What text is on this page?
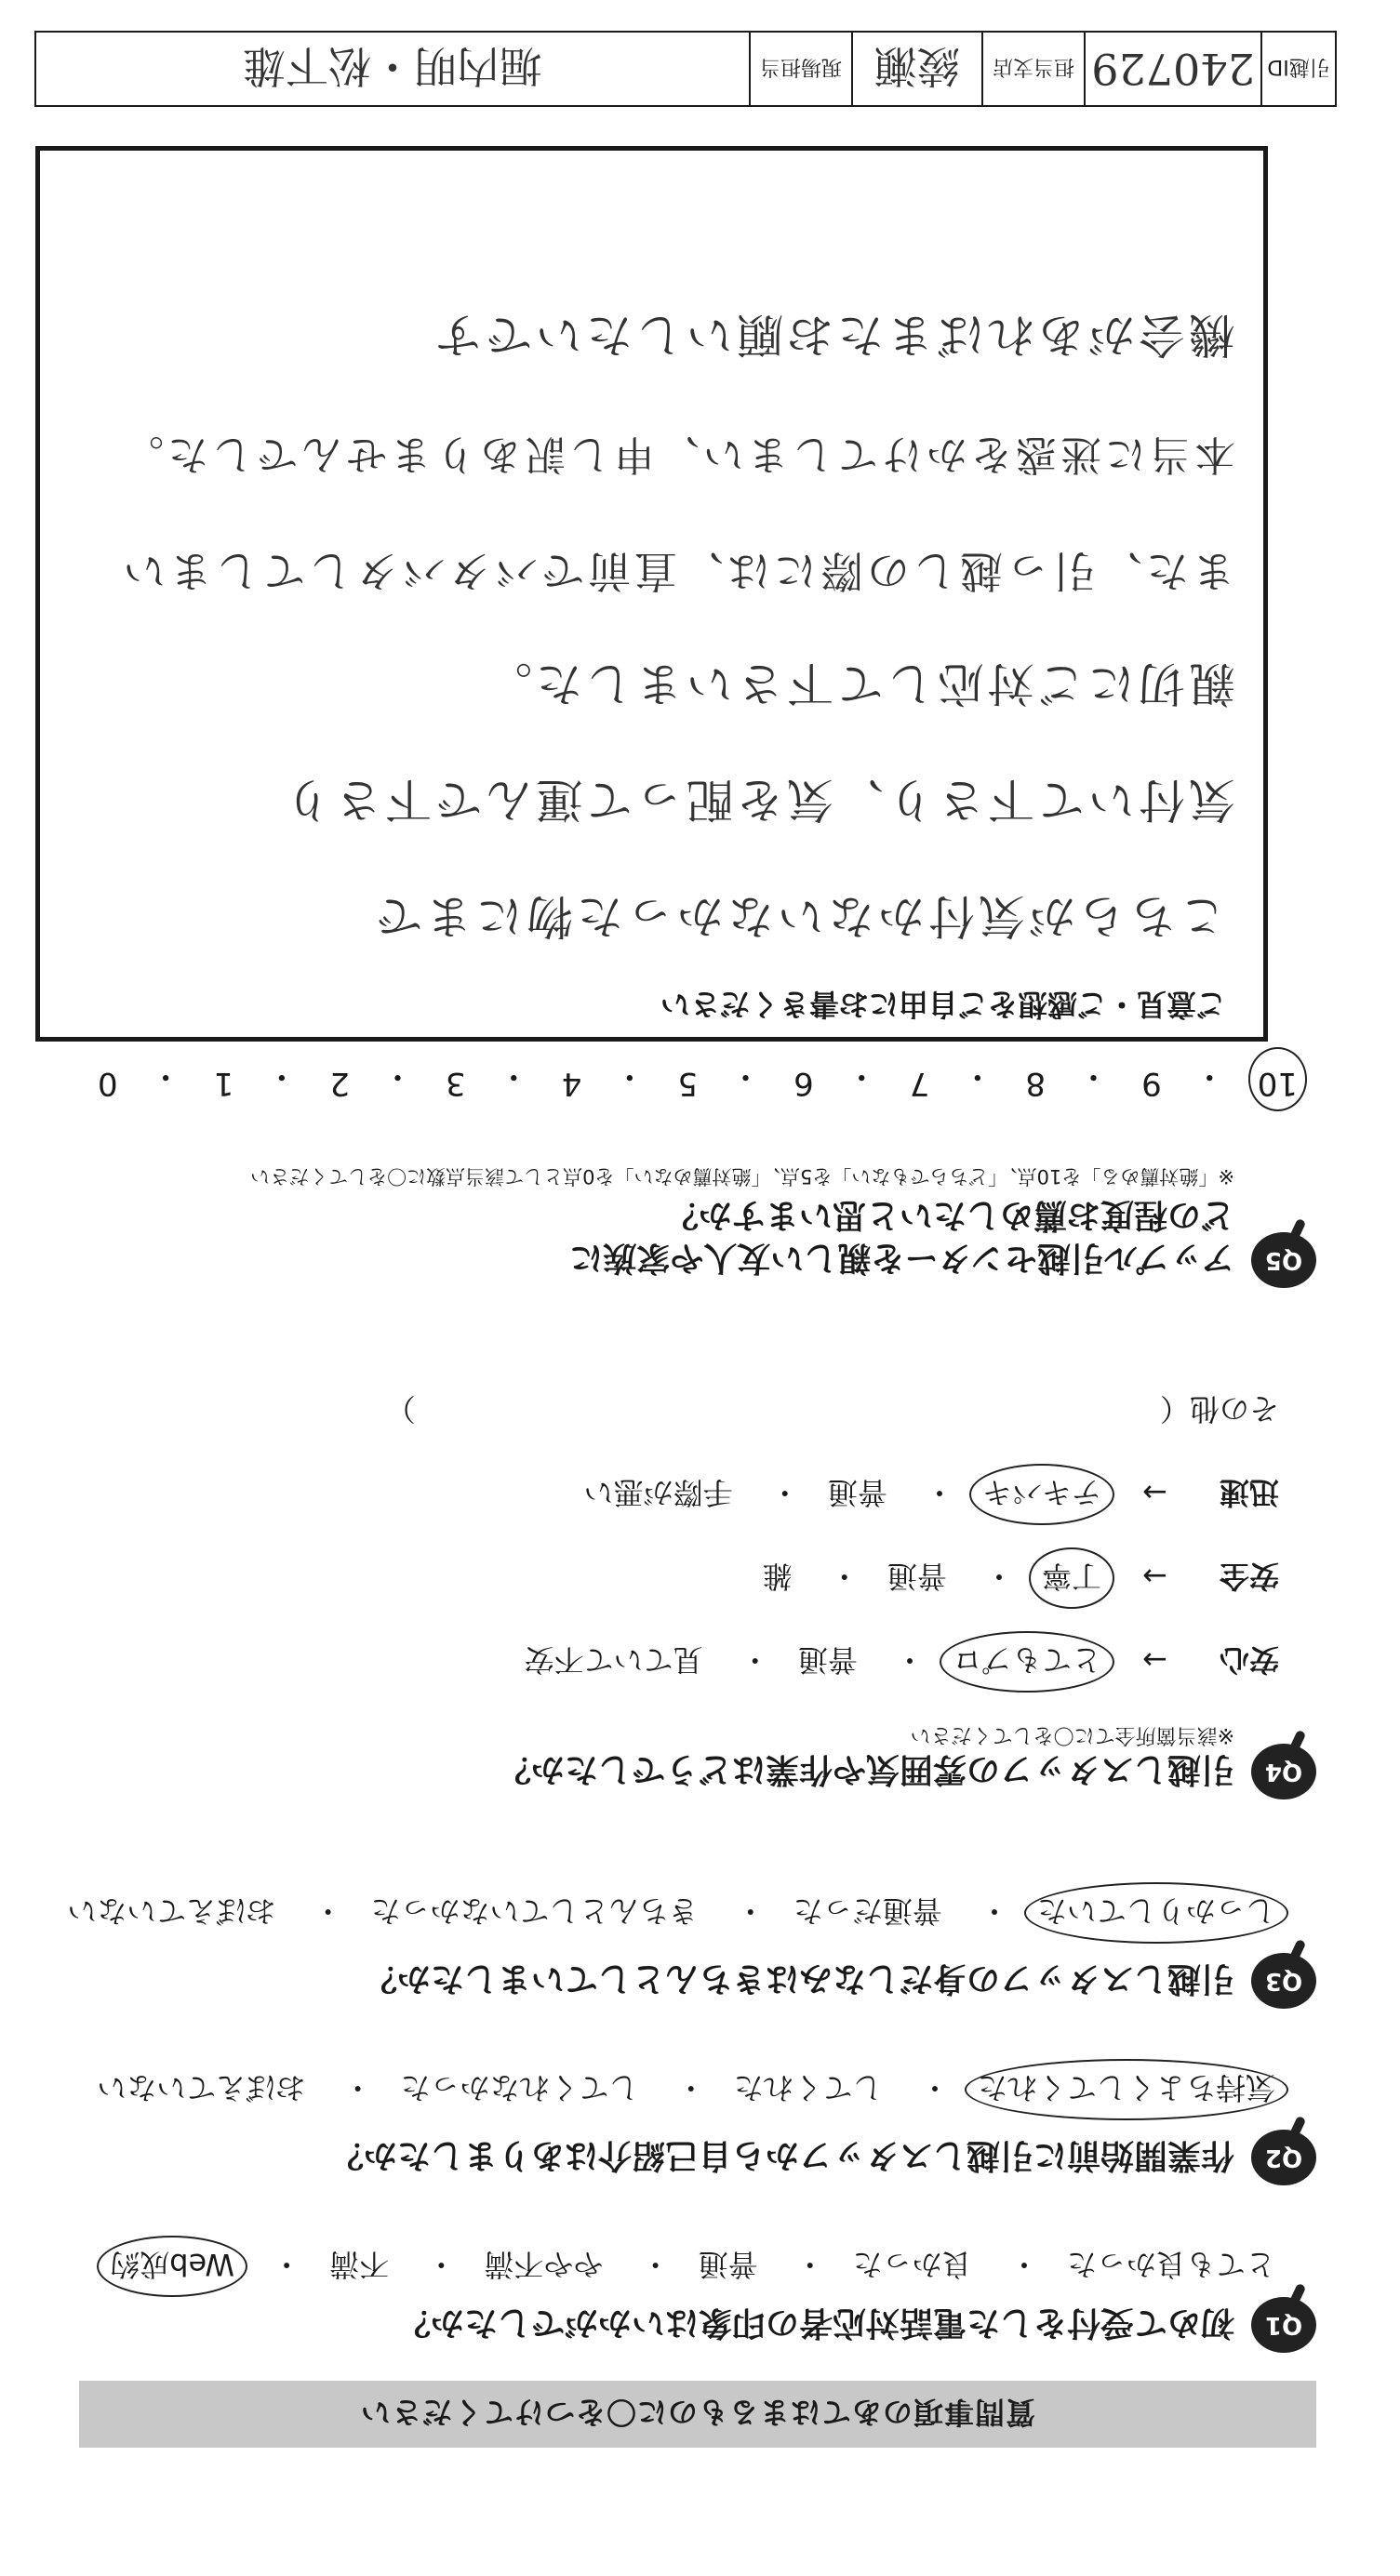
質問事項のあてはまるものに〇をつけてください
Q1
初めて受付をした電話対応者の印象はいかがでしたか？
とても良かった・ 良かった・ 普通・ やや不満・ 不満・ Web成約
Q2
作業開始前に引越しスタッフから自己紹介はありましたか？
気持ちよくしてくれた・ してくれた・ してくれなかった・ おぼえていない
Q3
引越しスタッフの身だしなみはきちんとしていましたか？
しっかりしていた・ 普通だった・ きちんとしていなかった・ おぼえていない
Q4
引越しスタッフの雰囲気や作業はどうでしたか？
※該当箇所全てに〇をしてください
安心→ とてもプロ・ 普通・ 見ていて不安
安全→ 丁寧・ 普通・ 雑
迅速→ テキパキ・ 普通・ 手際が悪い
その他（  ）
Q5
アップル引越センターを親しい友人や家族に
どの程度お薦めしたいと思いますか？
※「絶対薦める」を10点、「どちらでもない」を5点、「絶対薦めない」を0点として該当点数に〇をしてください
10
・
9
・
8
・
7
・
6
・
5
・
4
・
3
・
2
・
1
・
0
ご意見・ご感想をご自由にお書きください
こちらが気付かないなかった物にまで
気付いて下さり、気を配って運んで下さり
親切にご対応して下さいました。
また、引っ越しの際には、直前でバタバタしてしまい
本当に迷惑をかけてしまい、申し訳ありませんでした。
機会があればまたお願いしたいです
引越ID
240729
担当支店
綾瀬
現場担当
堀内明・松下雄
